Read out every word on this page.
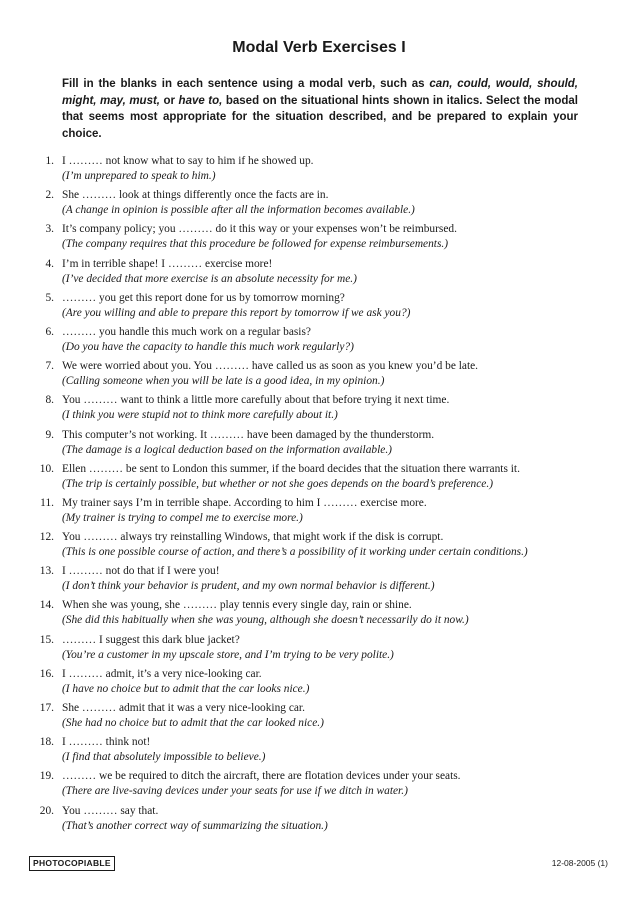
Modal Verb Exercises I
Fill in the blanks in each sentence using a modal verb, such as can, could, would, should, might, may, must, or have to, based on the situational hints shown in italics. Select the modal that seems most appropriate for the situation described, and be prepared to explain your choice.
1. I ……… not know what to say to him if he showed up.
(I’m unprepared to speak to him.)
2. She ……… look at things differently once the facts are in.
(A change in opinion is possible after all the information becomes available.)
3. It’s company policy; you ……… do it this way or your expenses won’t be reimbursed.
(The company requires that this procedure be followed for expense reimbursements.)
4. I’m in terrible shape! I ……… exercise more!
(I’ve decided that more exercise is an absolute necessity for me.)
5. ……… you get this report done for us by tomorrow morning?
(Are you willing and able to prepare this report by tomorrow if we ask you?)
6. ……… you handle this much work on a regular basis?
(Do you have the capacity to handle this much work regularly?)
7. We were worried about you. You ……… have called us as soon as you knew you’d be late.
(Calling someone when you will be late is a good idea, in my opinion.)
8. You ……… want to think a little more carefully about that before trying it next time.
(I think you were stupid not to think more carefully about it.)
9. This computer’s not working. It ……… have been damaged by the thunderstorm.
(The damage is a logical deduction based on the information available.)
10. Ellen ……… be sent to London this summer, if the board decides that the situation there warrants it.
(The trip is certainly possible, but whether or not she goes depends on the board’s preference.)
11. My trainer says I’m in terrible shape. According to him I ……… exercise more.
(My trainer is trying to compel me to exercise more.)
12. You ……… always try reinstalling Windows, that might work if the disk is corrupt.
(This is one possible course of action, and there’s a possibility of it working under certain conditions.)
13. I ……… not do that if I were you!
(I don’t think your behavior is prudent, and my own normal behavior is different.)
14. When she was young, she ……… play tennis every single day, rain or shine.
(She did this habitually when she was young, although she doesn’t necessarily do it now.)
15. ……… I suggest this dark blue jacket?
(You’re a customer in my upscale store, and I’m trying to be very polite.)
16. I ……… admit, it’s a very nice-looking car.
(I have no choice but to admit that the car looks nice.)
17. She ……… admit that it was a very nice-looking car.
(She had no choice but to admit that the car looked nice.)
18. I ……… think not!
(I find that absolutely impossible to believe.)
19. ……… we be required to ditch the aircraft, there are flotation devices under your seats.
(There are live-saving devices under your seats for use if we ditch in water.)
20. You ……… say that.
(That’s another correct way of summarizing the situation.)
PHOTOCOPIABLE	12-08-2005 (1)
